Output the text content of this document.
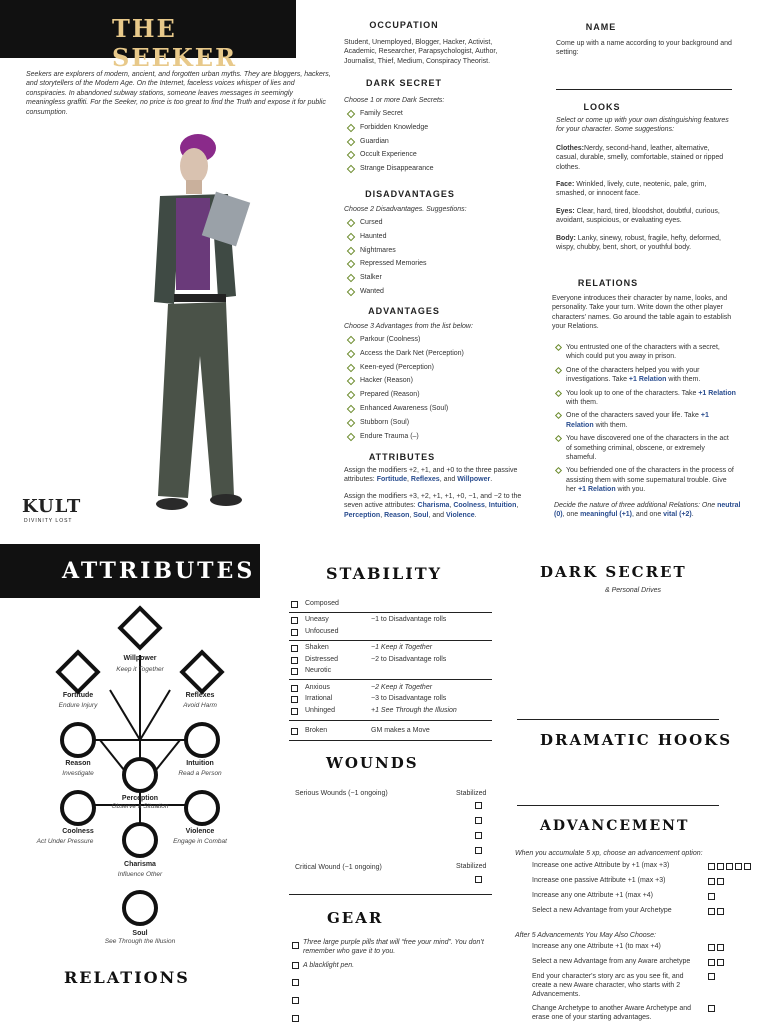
THE SEEKER
Seekers are explorers of modern, ancient, and forgotten urban myths. They are bloggers, hackers, and storytellers of the Modern Age. On the Internet, faceless voices whisper of lies and conspiracies. In abandoned subway stations, someone leaves messages in seemingly meaningless graffiti. For the Seeker, no price is too great to find the Truth and expose it for public consumption.
KULT
DIVINITY LOST
OCCUPATION
Student, Unemployed, Blogger, Hacker, Activist, Academic, Researcher, Parapsychologist, Author, Journalist, Thief, Medium, Conspiracy Theorist.
DARK SECRET
Choose 1 or more Dark Secrets:
Family Secret
Forbidden Knowledge
Guardian
Occult Experience
Strange Disappearance
DISADVANTAGES
Choose 2 Disadvantages. Suggestions:
Cursed
Haunted
Nightmares
Repressed Memories
Stalker
Wanted
ADVANTAGES
Choose 3 Advantages from the list below:
Parkour (Coolness)
Access the Dark Net (Perception)
Keen-eyed (Perception)
Hacker (Reason)
Prepared (Reason)
Enhanced Awareness (Soul)
Stubborn (Soul)
Endure Trauma (–)
ATTRIBUTES
Assign the modifiers +2, +1, and +0 to the three passive attributes: Fortitude, Reflexes, and Willpower.
Assign the modifiers +3, +2, +1, +1, +0, −1, and −2 to the seven active attributes: Charisma, Coolness, Intuition, Perception, Reason, Soul, and Violence.
NAME
Come up with a name according to your background and setting:
LOOKS
Select or come up with your own distinguishing features for your character. Some suggestions:
Clothes:Nerdy, second-hand, leather, alternative, casual, durable, smelly, comfortable, stained or ripped clothes.
Face: Wrinkled, lively, cute, neotenic, pale, grim, smashed, or innocent face.
Eyes: Clear, hard, tired, bloodshot, doubtful, curious, avoidant, suspicious, or evaluating eyes.
Body: Lanky, sinewy, robust, fragile, hefty, deformed, wispy, chubby, bent, short, or youthful body.
RELATIONS
Everyone introduces their character by name, looks, and personality. Take your turn. Write down the other player characters' names. Go around the table again to establish your Relations.
You entrusted one of the characters with a secret, which could put you away in prison.
One of the characters helped you with your investigations. Take +1 Relation with them.
You look up to one of the characters. Take +1 Relation with them.
One of the characters saved your life. Take +1 Relation with them.
You have discovered one of the characters in the act of something criminal, obscene, or extremely shameful.
You befriended one of the characters in the process of assisting them with some supernatural trouble. Give her +1 Relation with you.
Decide the nature of three additional Relations: One neutral (0), one meaningful (+1), and one vital (+2).
ATTRIBUTES
Willpower
Keep it Together
Fortitude
Endure Injury
Reflexes
Avoid Harm
Reason
Investigate
Intuition
Read a Person
Perception
Observe a Situation
Coolness
Act Under Pressure
Violence
Engage in Combat
Charisma
Influence Other
Soul
See Through the Illusion
RELATIONS
STABILITY
Composed
Uneasy	−1 to Disadvantage rolls
Unfocused
Shaken	−1 Keep it Together
Distressed	−2 to Disadvantage rolls
Neurotic
Anxious	−2 Keep it Together
Irrational	−3 to Disadvantage rolls
Unhinged	+1 See Through the Illusion
Broken	GM makes a Move
WOUNDS
Serious Wounds (−1 ongoing)	Stabilized
Critical Wound (−1 ongoing)	Stabilized
GEAR
Three large purple pills that will “free your mind”. You don’t remember who gave it to you.
A blacklight pen.
DARK SECRET
& Personal Drives
DRAMATIC HOOKS
ADVANCEMENT
When you accumulate 5 xp, choose an advancement option:
Increase one active Attribute by +1 (max +3)
Increase one passive Attribute +1 (max +3)
Increase any one Attribute +1 (max +4)
Select a new Advantage from your Archetype
After 5 Advancements You May Also Choose:
Increase any one Attribute +1 (to max +4)
Select a new Advantage from any Aware archetype
End your character's story arc as you see fit, and create a new Aware character, who starts with 2 Advancements.
Change Archetype to another Aware Archetype and erase one of your starting advantages.
